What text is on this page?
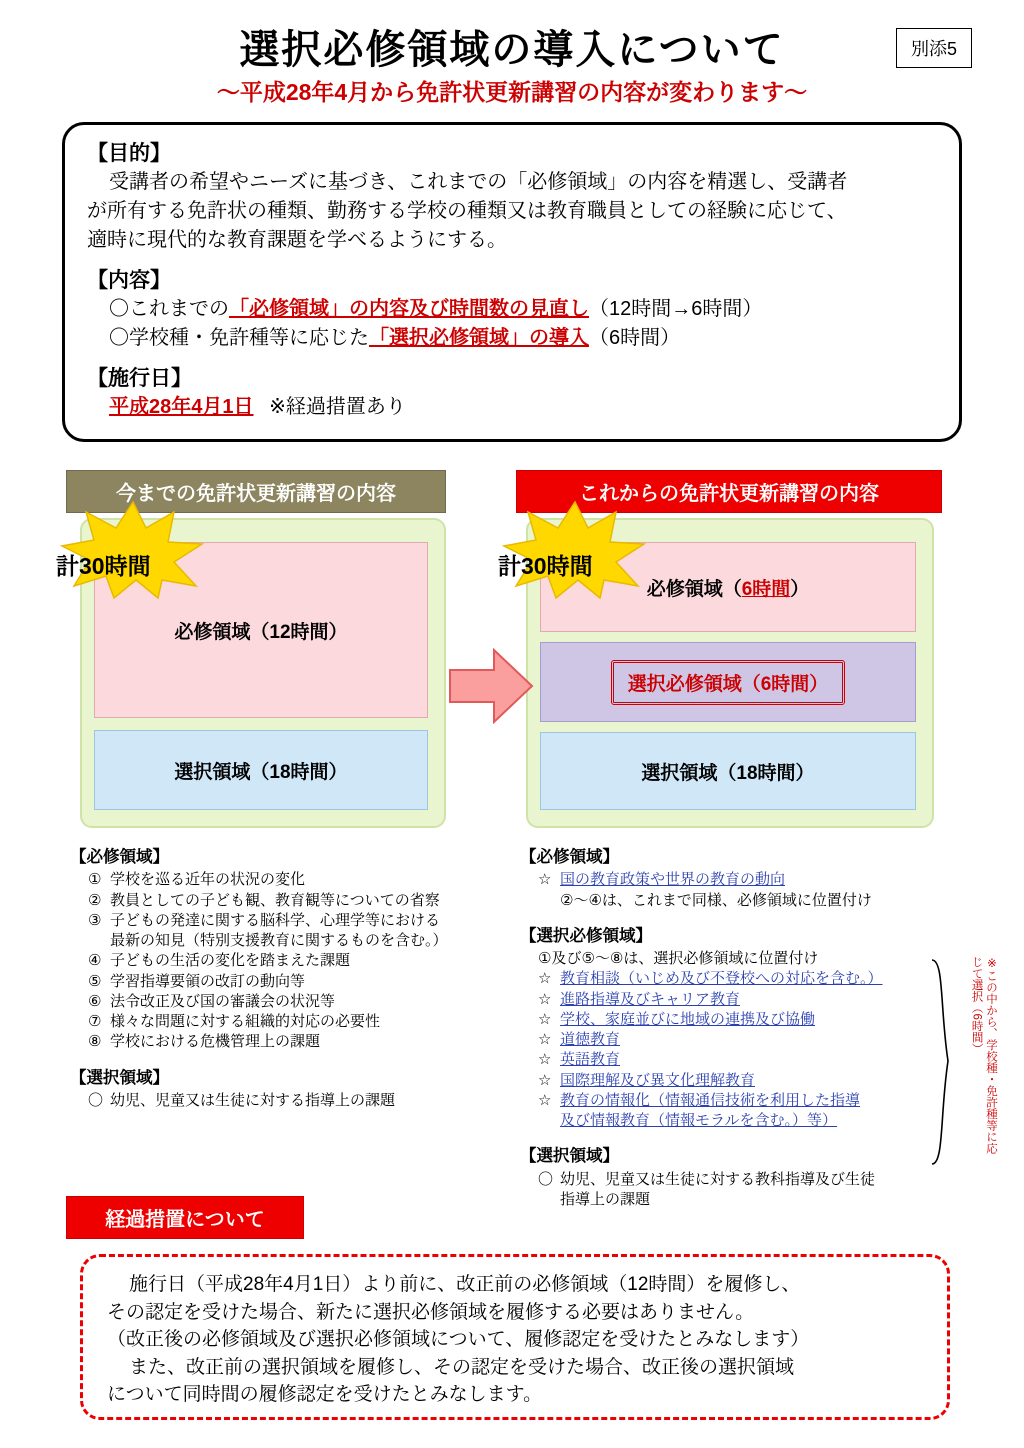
選択必修領域の導入について
～平成28年4月から免許状更新講習の内容が変わります～
別添5
【目的】
受講者の希望やニーズに基づき、これまでの「必修領域」の内容を精選し、受講者
が所有する免許状の種類、勤務する学校の種類又は教育職員としての経験に応じて、
適時に現代的な教育課題を学べるようにする。
【内容】
〇これまでの「必修領域」の内容及び時間数の見直し（12時間→6時間）
〇学校種・免許種等に応じた「選択必修領域」の導入（6時間）
【施行日】
平成28年4月1日 ※経過措置あり
今までの免許状更新講習の内容	これからの免許状更新講習の内容
必修領域（12時間）
選択領域（18時間）
必修領域（ 6時間 ）
選択必修領域（6時間）
選択領域（18時間）
計30時間	計30時間
【必修領域】
① 学校を巡る近年の状況の変化
② 教員としての子ども観、教育観等についての省察
③ 子どもの発達に関する脳科学、心理学等における
最新の知見（特別支援教育に関するものを含む。）
④ 子どもの生活の変化を踏まえた課題
⑤ 学習指導要領の改訂の動向等
⑥ 法令改正及び国の審議会の状況等
⑦ 様々な問題に対する組織的対応の必要性
⑧ 学校における危機管理上の課題
【選択領域】
〇 幼児、児童又は生徒に対する指導上の課題
【必修領域】
☆ 国の教育政策や世界の教育の動向
②～④は、これまで同様、必修領域に位置付け
【選択必修領域】
①及び⑤～⑧は、選択必修領域に位置付け
☆ 教育相談（いじめ及び不登校への対応を含む。）
☆ 進路指導及びキャリア教育
☆ 学校、家庭並びに地域の連携及び協働
☆ 道徳教育
☆ 英語教育
☆ 国際理解及び異文化理解教育
☆ 教育の情報化（情報通信技術を利用した指導
及び情報教育（情報モラルを含む。）等）
【選択領域】
〇 幼児、児童又は生徒に対する教科指導及び生徒
指導上の課題
※この中から、学校種・免許種等に応じて選択（6時間）
経過措置について
施行日（平成28年4月1日）より前に、改正前の必修領域（12時間）を履修し、
その認定を受けた場合、新たに選択必修領域を履修する必要はありません。
（改正後の必修領域及び選択必修領域について、履修認定を受けたとみなします）
また、改正前の選択領域を履修し、その認定を受けた場合、改正後の選択領域
について同時間の履修認定を受けたとみなします。
